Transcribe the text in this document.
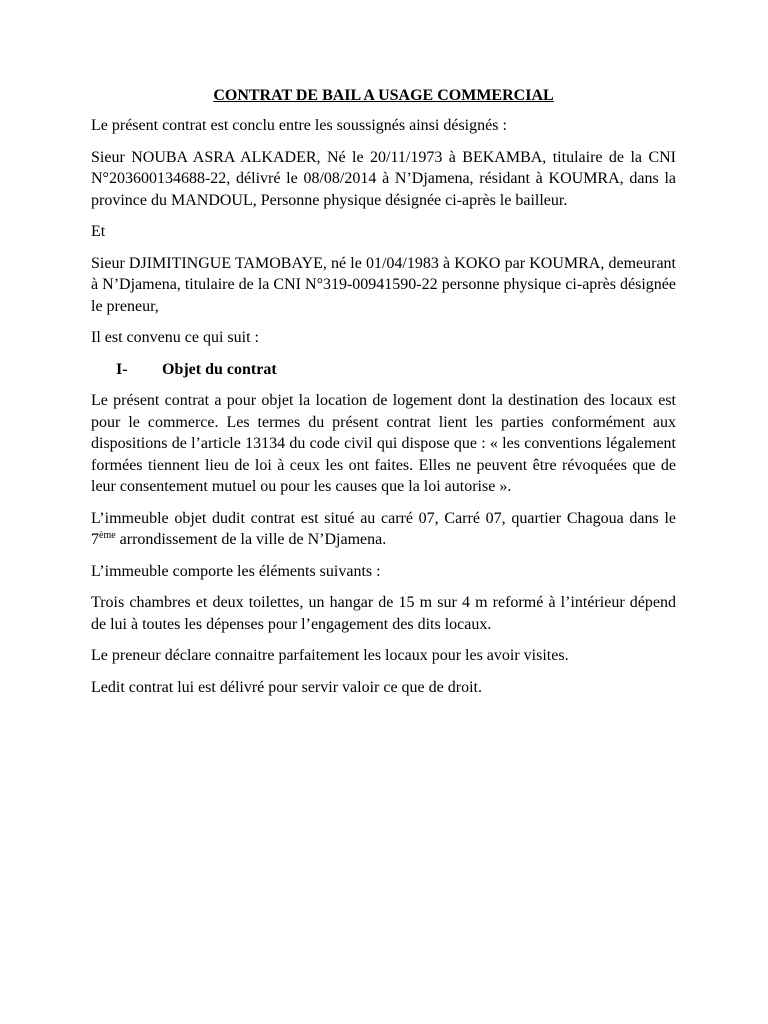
CONTRAT DE BAIL A USAGE COMMERCIAL

Le présent contrat est conclu entre les soussignés ainsi désignés :

Sieur NOUBA ASRA ALKADER, Né le 20/11/1973 à BEKAMBA, titulaire de la CNI N°203600134688-22, délivré le 08/08/2014 à N’Djamena, résidant à KOUMRA, dans la province du MANDOUL, Personne physique désignée ci-après le bailleur.

Et

Sieur DJIMITINGUE TAMOBAYE, né le 01/04/1983 à KOKO par KOUMRA, demeurant à N’Djamena, titulaire de la CNI N°319-00941590-22 personne physique ci-après désignée le preneur,

Il est convenu ce qui suit :

I- Objet du contrat

Le présent contrat a pour objet la location de logement dont la destination des locaux est pour le commerce. Les termes du présent contrat lient les parties conformément aux dispositions de l’article 13134 du code civil qui dispose que : « les conventions légalement formées tiennent lieu de loi à ceux les ont faites. Elles ne peuvent être révoquées que de leur consentement mutuel ou pour les causes que la loi autorise ».

L’immeuble objet dudit contrat est situé au carré 07, Carré 07, quartier Chagoua dans le 7ème arrondissement de la ville de N’Djamena.

L’immeuble comporte les éléments suivants :

Trois chambres et deux toilettes, un hangar de 15 m sur 4 m reformé à l’intérieur dépend de lui à toutes les dépenses pour l’engagement des dits locaux.

Le preneur déclare connaitre parfaitement les locaux pour les avoir visites.

Ledit contrat lui est délivré pour servir valoir ce que de droit.
